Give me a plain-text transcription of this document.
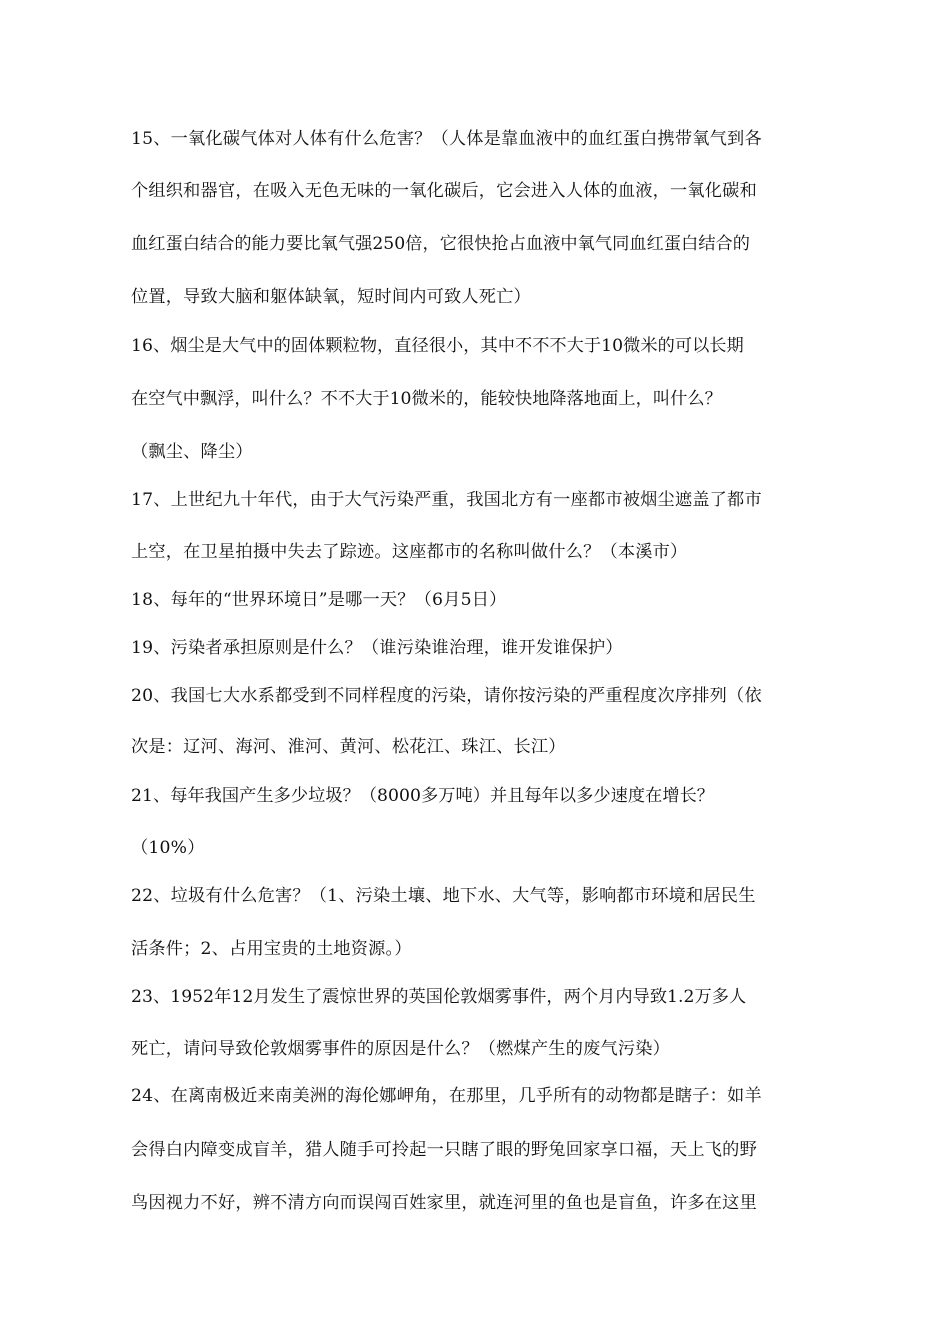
15、一氧化碳气体对人体有什么危害？（人体是靠血液中的血红蛋白携带氧气到各
个组织和器官，在吸入无色无味的一氧化碳后，它会进入人体的血液，一氧化碳和
血红蛋白结合的能力要比氧气强250倍，它很快抢占血液中氧气同血红蛋白结合的
位置，导致大脑和躯体缺氧，短时间内可致人死亡）
16、烟尘是大气中的固体颗粒物，直径很小，其中不不不大于10微米的可以长期
在空气中飘浮，叫什么？不不大于10微米的，能较快地降落地面上，叫什么？
（飘尘、降尘）
17、上世纪九十年代，由于大气污染严重，我国北方有一座都市被烟尘遮盖了都市
上空，在卫星拍摄中失去了踪迹。这座都市的名称叫做什么？（本溪市）
18、每年的“世界环境日”是哪一天？（6月5日）
19、污染者承担原则是什么？（谁污染谁治理，谁开发谁保护）
20、我国七大水系都受到不同样程度的污染，请你按污染的严重程度次序排列（依
次是：辽河、海河、淮河、黄河、松花江、珠江、长江）
21、每年我国产生多少垃圾？（8000多万吨）并且每年以多少速度在增长？
（10%）
22、垃圾有什么危害？（1、污染土壤、地下水、大气等，影响都市环境和居民生
活条件；2、占用宝贵的土地资源。）
23、1952年12月发生了震惊世界的英国伦敦烟雾事件，两个月内导致1.2万多人
死亡，请问导致伦敦烟雾事件的原因是什么？（燃煤产生的废气污染）
24、在离南极近来南美洲的海伦娜岬角，在那里，几乎所有的动物都是瞎子：如羊
会得白内障变成盲羊，猎人随手可拎起一只瞎了眼的野兔回家享口福，天上飞的野
鸟因视力不好，辨不清方向而误闯百姓家里，就连河里的鱼也是盲鱼，许多在这里
